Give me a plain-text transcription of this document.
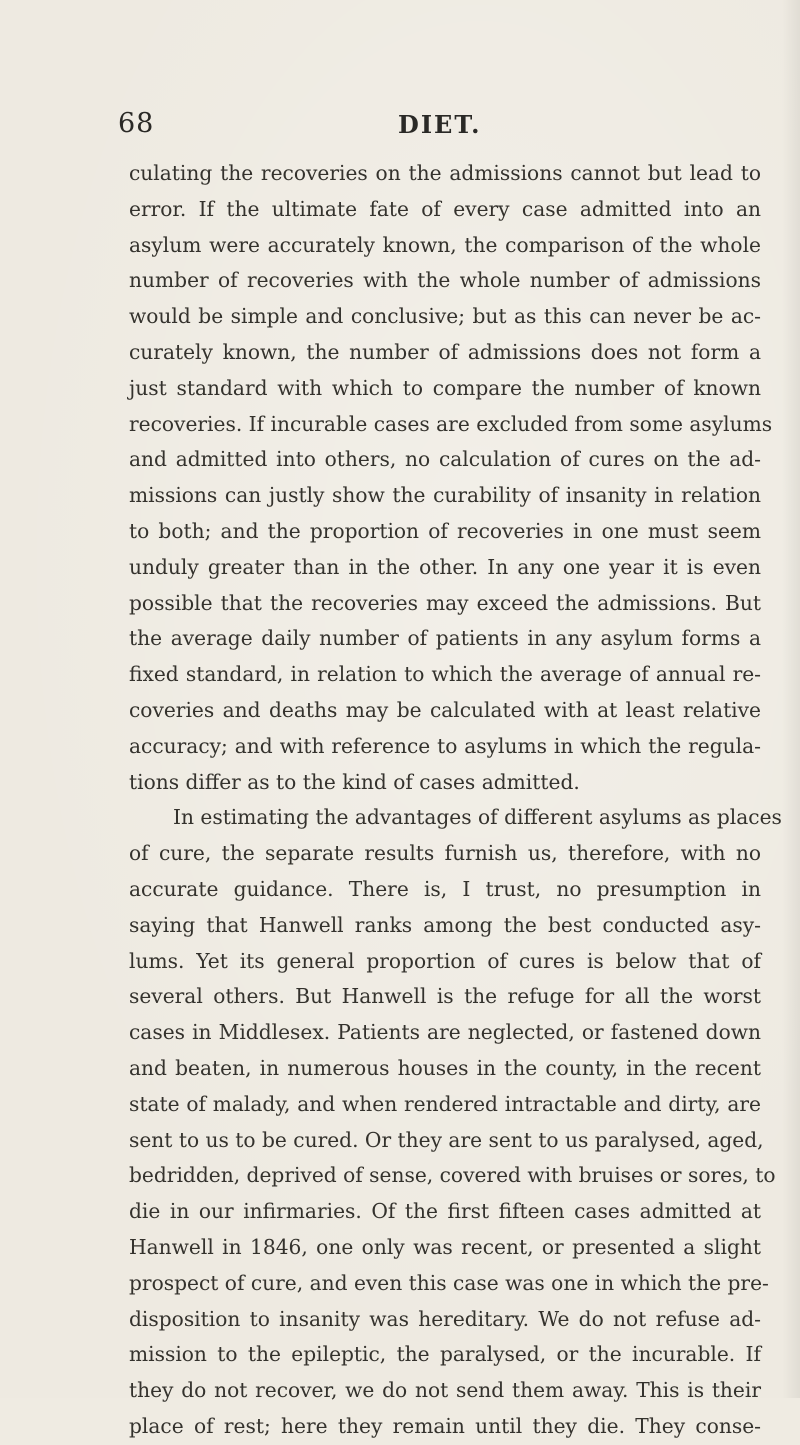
68	DIET.
culating the recoveries on the admissions cannot but lead to
error. If the ultimate fate of every case admitted into an
asylum were accurately known, the comparison of the whole
number of recoveries with the whole number of admissions
would be simple and conclusive; but as this can never be ac-
curately known, the number of admissions does not form a
just standard with which to compare the number of known
recoveries. If incurable cases are excluded from some asylums
and admitted into others, no calculation of cures on the ad-
missions can justly show the curability of insanity in relation
to both; and the proportion of recoveries in one must seem
unduly greater than in the other. In any one year it is even
possible that the recoveries may exceed the admissions. But
the average daily number of patients in any asylum forms a
fixed standard, in relation to which the average of annual re-
coveries and deaths may be calculated with at least relative
accuracy; and with reference to asylums in which the regula-
tions differ as to the kind of cases admitted.
In estimating the advantages of different asylums as places
of cure, the separate results furnish us, therefore, with no
accurate guidance. There is, I trust, no presumption in
saying that Hanwell ranks among the best conducted asy-
lums. Yet its general proportion of cures is below that of
several others. But Hanwell is the refuge for all the worst
cases in Middlesex. Patients are neglected, or fastened down
and beaten, in numerous houses in the county, in the recent
state of malady, and when rendered intractable and dirty, are
sent to us to be cured. Or they are sent to us paralysed, aged,
bedridden, deprived of sense, covered with bruises or sores, to
die in our infirmaries. Of the first fifteen cases admitted at
Hanwell in 1846, one only was recent, or presented a slight
prospect of cure, and even this case was one in which the pre-
disposition to insanity was hereditary. We do not refuse ad-
mission to the epileptic, the paralysed, or the incurable. If
they do not recover, we do not send them away. This is their
place of rest; here they remain until they die. They conse-
